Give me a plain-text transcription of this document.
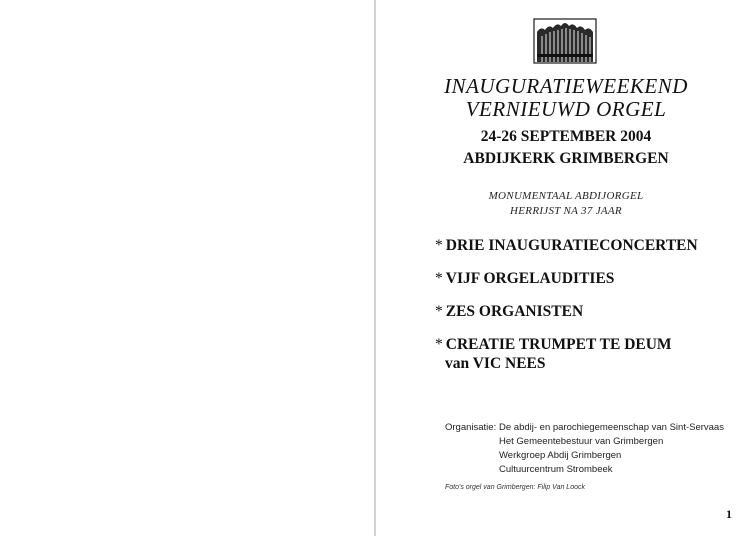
INAUGURATIEWEEKEND
VERNIEUWD ORGEL
24-26 SEPTEMBER 2004
ABDIJKERK GRIMBERGEN
MONUMENTAAL ABDIJORGEL
HERRIJST NA 37 JAAR
* DRIE INAUGURATIECONCERTEN
* VIJF ORGELAUDITIES
* ZES ORGANISTEN
* CREATIE TRUMPET TE DEUM
van VIC NEES
Organisatie: De abdij- en parochiegemeenschap van Sint-Servaas
Het Gemeentebestuur van Grimbergen
Werkgroep Abdij Grimbergen
Cultuurcentrum Strombeek
Foto's orgel van Grimbergen: Filip Van Loock
1
